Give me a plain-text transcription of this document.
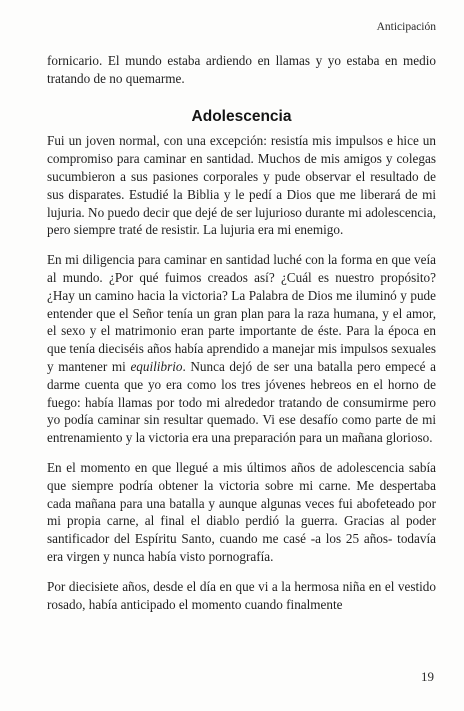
Anticipación

fornicario. El mundo estaba ardiendo en llamas y yo estaba en medio tratando de no quemarme.

Adolescencia

Fui un joven normal, con una excepción: resistía mis impulsos e hice un compromiso para caminar en santidad. Muchos de mis amigos y colegas sucumbieron a sus pasiones corporales y pude observar el resultado de sus disparates. Estudié la Biblia y le pedí a Dios que me liberará de mi lujuria. No puedo decir que dejé de ser lujurioso durante mi adolescencia, pero siempre traté de resistir. La lujuria era mi enemigo.

En mi diligencia para caminar en santidad luché con la forma en que veía al mundo. ¿Por qué fuimos creados así? ¿Cuál es nuestro propósito? ¿Hay un camino hacia la victoria? La Palabra de Dios me iluminó y pude entender que el Señor tenía un gran plan para la raza humana, y el amor, el sexo y el matrimonio eran parte importante de éste. Para la época en que tenía dieciséis años había aprendido a manejar mis impulsos sexuales y mantener mi equilibrio. Nunca dejó de ser una batalla pero empecé a darme cuenta que yo era como los tres jóvenes hebreos en el horno de fuego: había llamas por todo mi alrededor tratando de consumirme pero yo podía caminar sin resultar quemado. Vi ese desafío como parte de mi entrenamiento y la victoria era una preparación para un mañana glorioso.

En el momento en que llegué a mis últimos años de adolescencia sabía que siempre podría obtener la victoria sobre mi carne. Me despertaba cada mañana para una batalla y aunque algunas veces fui abofeteado por mi propia carne, al final el diablo perdió la guerra. Gracias al poder santificador del Espíritu Santo, cuando me casé -a los 25 años- todavía era virgen y nunca había visto pornografía.

Por diecisiete años, desde el día en que vi a la hermosa niña en el vestido rosado, había anticipado el momento cuando finalmente

19
